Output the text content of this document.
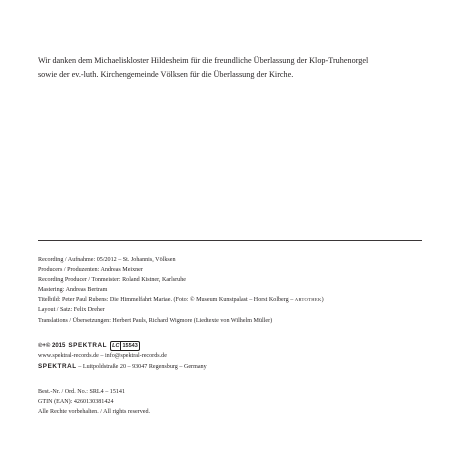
Wir danken dem Michaeliskloster Hildesheim für die freundliche Überlassung der Klop-Truhenorgel
sowie der ev.-luth. Kirchengemeinde Völksen für die Überlassung der Kirche.

Recording / Aufnahme: 05/2012 – St. Johannis, Völksen
Producers / Produzenten: Andreas Meixner
Recording Producer / Tonmeister: Roland Kistner, Karlsruhe
Mastering: Andreas Bertram
Titelbild: Peter Paul Rubens: Die Himmelfahrt Mariae. (Foto: © Museum Kunstpalast – Horst Kolberg – ARTOTHEK)
Layout / Satz: Felix Dreher
Translations / Übersetzungen: Herbert Pauls, Richard Wigmore (Liedtexte von Wilhelm Müller)
℗+© 2015 SPEKTRAL LC 15543
www.spektral-records.de – info@spektral-records.de
SPEKTRAL – Luitpoldstraße 20 – 93047 Regensburg – Germany
Best.-Nr. / Ord. No.: SRL4 – 15141
GTIN (EAN): 4260130381424
Alle Rechte vorbehalten. / All rights reserved.
